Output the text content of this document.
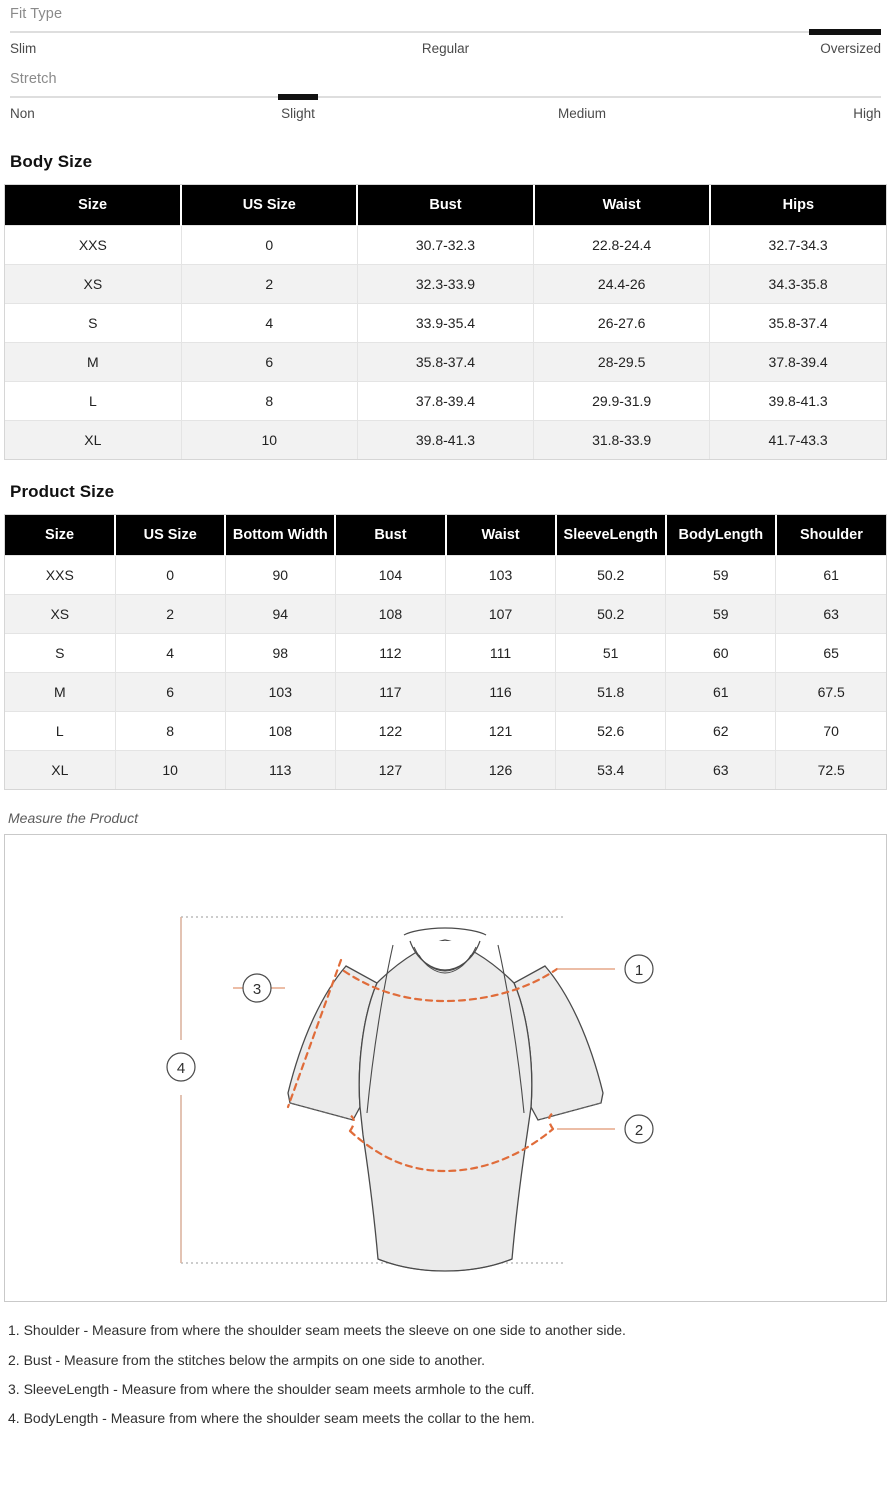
Fit Type
Slim	Regular	Oversized
Stretch
Non	Slight	Medium	High
Body Size
Size	US Size	Bust	Waist	Hips
XXS	0	30.7-32.3	22.8-24.4	32.7-34.3
XS	2	32.3-33.9	24.4-26	34.3-35.8
S	4	33.9-35.4	26-27.6	35.8-37.4
M	6	35.8-37.4	28-29.5	37.8-39.4
L	8	37.8-39.4	29.9-31.9	39.8-41.3
XL	10	39.8-41.3	31.8-33.9	41.7-43.3
Product Size
Size	US Size	Bottom Width	Bust	Waist	SleeveLength	BodyLength	Shoulder
XXS	0	90	104	103	50.2	59	61
XS	2	94	108	107	50.2	59	63
S	4	98	112	111	51	60	65
M	6	103	117	116	51.8	61	67.5
L	8	108	122	121	52.6	62	70
XL	10	113	127	126	53.4	63	72.5
Measure the Product
1
2
3
4
1. Shoulder - Measure from where the shoulder seam meets the sleeve on one side to another side.
2. Bust - Measure from the stitches below the armpits on one side to another.
3. SleeveLength - Measure from where the shoulder seam meets armhole to the cuff.
4. BodyLength - Measure from where the shoulder seam meets the collar to the hem.
